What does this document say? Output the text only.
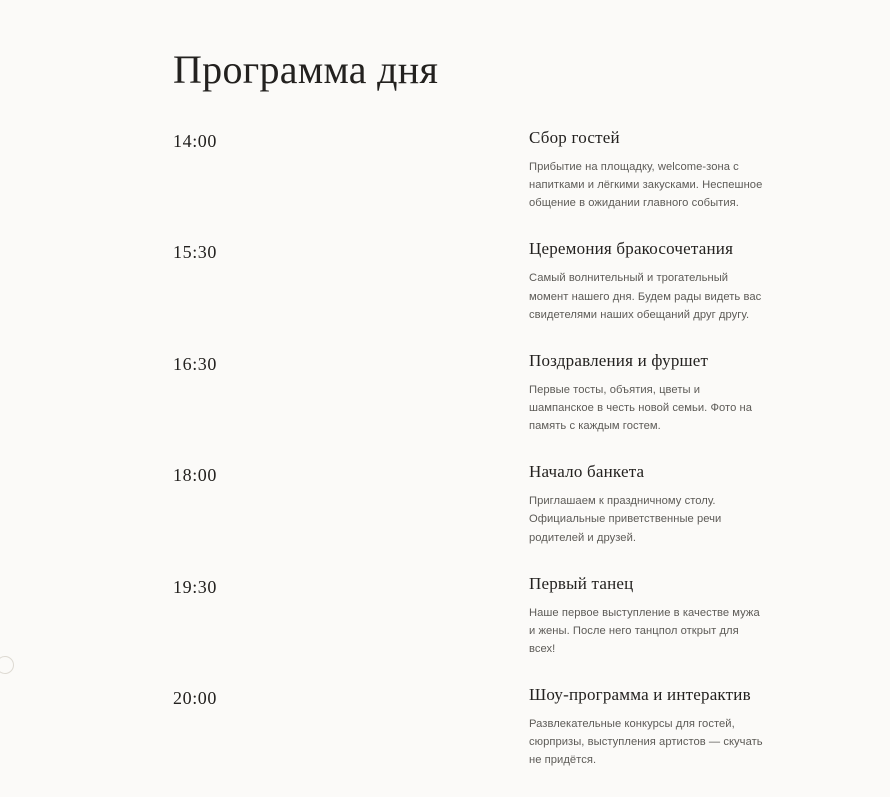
Программа дня
14:00	Сбор гостей

Прибытие на площадку, welcome-зона с напитками и лёгкими закусками. Неспешное общение в ожидании главного события.

15:30	Церемония бракосочетания

Самый волнительный и трогательный момент нашего дня. Будем рады видеть вас свидетелями наших обещаний друг другу.

16:30	Поздравления и фуршет

Первые тосты, объятия, цветы и шампанское в честь новой семьи. Фото на память с каждым гостем.

18:00	Начало банкета

Приглашаем к праздничному столу. Официальные приветственные речи родителей и друзей.

19:30	Первый танец

Наше первое выступление в качестве мужа и жены. После него танцпол открыт для всех!

20:00	Шоу-программа и интерактив

Развлекательные конкурсы для гостей, сюрпризы, выступления артистов — скучать не придётся.
